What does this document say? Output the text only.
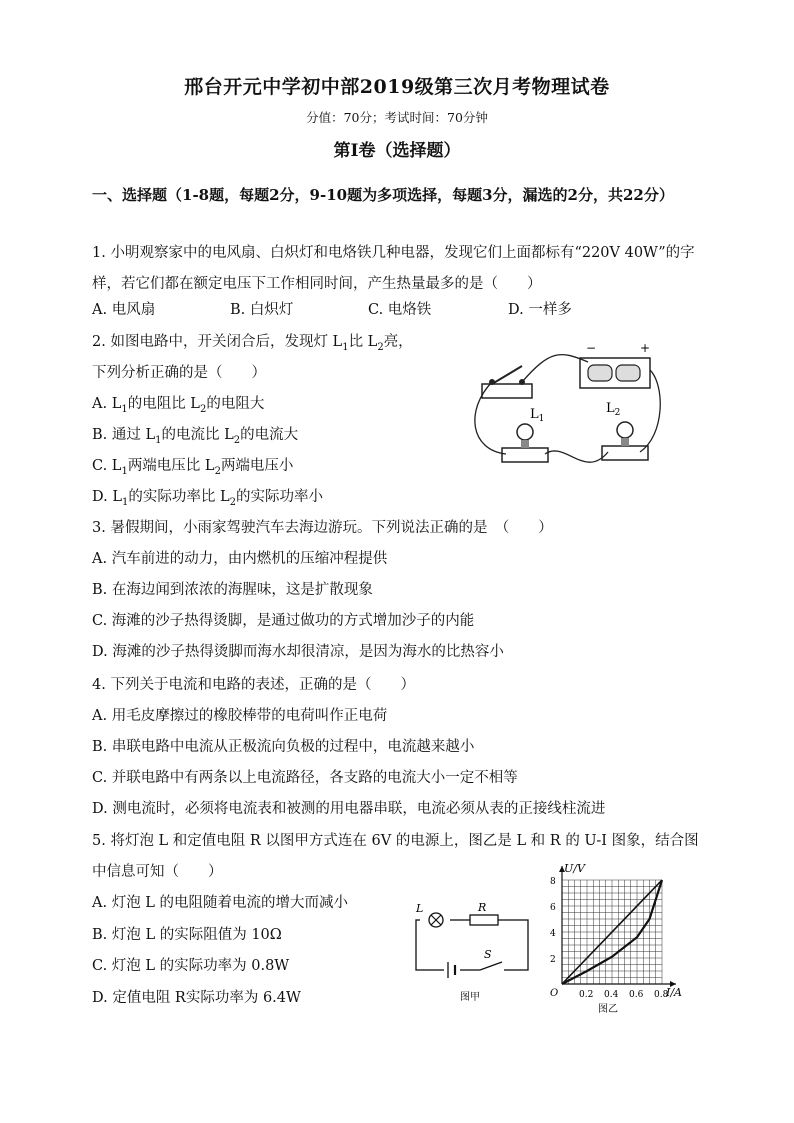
邢台开元中学初中部2019级第三次月考物理试卷
分值：70分；考试时间：70分钟
第Ⅰ卷（选择题）
一、选择题（1-8题，每题2分，9-10题为多项选择，每题3分，漏选的2分，共22分）
1. 小明观察家中的电风扇、白炽灯和电烙铁几种电器，发现它们上面都标有“220V 40W”的字样，若它们都在额定电压下工作相同时间，产生热量最多的是（　　）
A. 电风扇	B. 白炽灯	C. 电烙铁	D. 一样多
2. 如图电路中，开关闭合后，发现灯 $L_1$比 $L_2$亮，
下列分析正确的是（　　）
A. $L_1$的电阻比 $L_2$的电阻大
B. 通过 $L_1$的电流比 $L_2$的电流大
C. $L_1$两端电压比 $L_2$两端电压小
D. $L_1$的实际功率比 $L_2$的实际功率小
−	+
$L_1$
$L_2$
3. 暑假期间，小雨家驾驶汽车去海边游玩。下列说法正确的是　（　　）
A. 汽车前进的动力，由内燃机的压缩冲程提供
B. 在海边闻到浓浓的海腥味，这是扩散现象
C. 海滩的沙子热得烫脚，是通过做功的方式增加沙子的内能
D. 海滩的沙子热得烫脚而海水却很清凉，是因为海水的比热容小
4. 下列关于电流和电路的表述，正确的是（　　）
A. 用毛皮摩擦过的橡胶棒带的电荷叫作正电荷
B. 串联电路中电流从正极流向负极的过程中，电流越来越小
C. 并联电路中有两条以上电流路径，各支路的电流大小一定不相等
D. 测电流时，必须将电流表和被测的用电器串联，电流必须从表的正接线柱流进
5. 将灯泡 L 和定值电阻 R 以图甲方式连在 6V 的电源上，图乙是 L 和 R 的 U-I 图象，结合图中信息可知（　　）
A. 灯泡 L 的电阻随着电流的增大而减小
B. 灯泡 L 的实际阻值为 10Ω
C. 灯泡 L 的实际功率为 0.8W
D. 定值电阻 R实际功率为 6.4W
L	R
S
图甲
2
4
6
8
0.2 0.4 0.6 0.8
O
U/V
I/A
图乙
